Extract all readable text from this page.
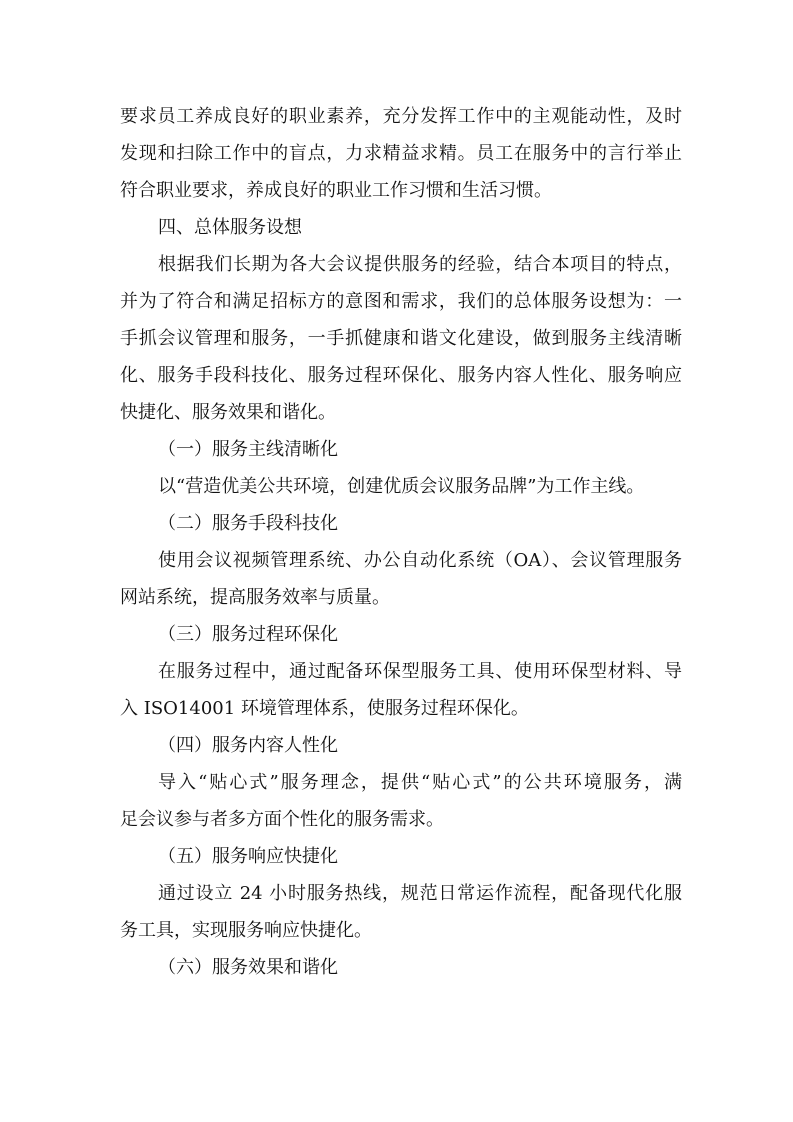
要求员工养成良好的职业素养，充分发挥工作中的主观能动性，及时
发现和扫除工作中的盲点，力求精益求精。员工在服务中的言行举止
符合职业要求，养成良好的职业工作习惯和生活习惯。
四、总体服务设想
根据我们长期为各大会议提供服务的经验，结合本项目的特点，
并为了符合和满足招标方的意图和需求，我们的总体服务设想为：一
手抓会议管理和服务，一手抓健康和谐文化建设，做到服务主线清晰
化、服务手段科技化、服务过程环保化、服务内容人性化、服务响应
快捷化、服务效果和谐化。
（一）服务主线清晰化
以“营造优美公共环境，创建优质会议服务品牌”为工作主线。
（二）服务手段科技化
使用会议视频管理系统、办公自动化系统（OA）、会议管理服务
网站系统，提高服务效率与质量。
（三）服务过程环保化
在服务过程中，通过配备环保型服务工具、使用环保型材料、导
入 ISO14001 环境管理体系，使服务过程环保化。
（四）服务内容人性化
导入“贴心式”服务理念，提供“贴心式”的公共环境服务，满
足会议参与者多方面个性化的服务需求。
（五）服务响应快捷化
通过设立 24 小时服务热线，规范日常运作流程，配备现代化服
务工具，实现服务响应快捷化。
（六）服务效果和谐化
